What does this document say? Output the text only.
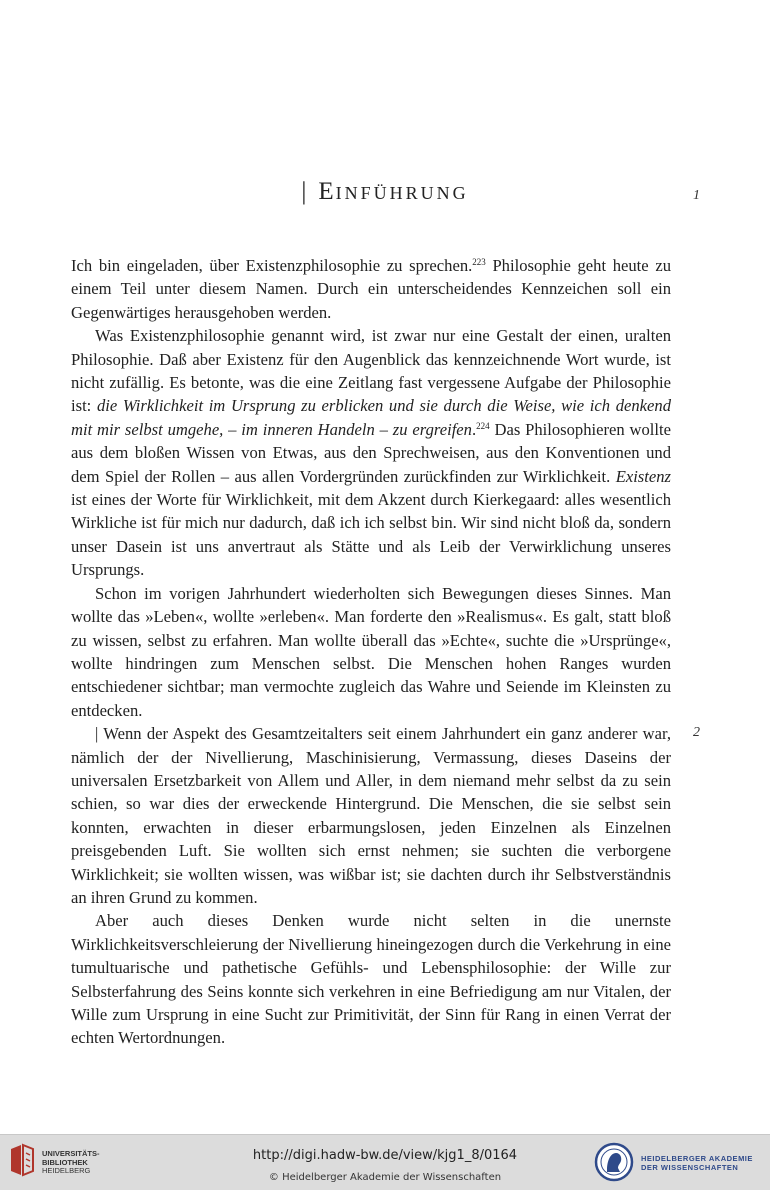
| EINFÜHRUNG	1
2

Ich bin eingeladen, über Existenzphilosophie zu sprechen.$^{223}$ Philosophie geht heute zu einem Teil unter diesem Namen. Durch ein unterscheidendes Kennzeichen soll ein Gegenwärtiges herausgehoben werden.

Was Existenzphilosophie genannt wird, ist zwar nur eine Gestalt der einen, uralten Philosophie. Daß aber Existenz für den Augenblick das kennzeichnende Wort wurde, ist nicht zufällig. Es betonte, was die eine Zeitlang fast vergessene Aufgabe der Philosophie ist: die Wirklichkeit im Ursprung zu erblicken und sie durch die Weise, wie ich denkend mit mir selbst umgehe, – im inneren Handeln – zu ergreifen.$^{224}$ Das Philosophieren wollte aus dem bloßen Wissen von Etwas, aus den Sprechweisen, aus den Konventionen und dem Spiel der Rollen – aus allen Vordergründen zurückfinden zur Wirklichkeit. Existenz ist eines der Worte für Wirklichkeit, mit dem Akzent durch Kierkegaard: alles wesentlich Wirkliche ist für mich nur dadurch, daß ich ich selbst bin. Wir sind nicht bloß da, sondern unser Dasein ist uns anvertraut als Stätte und als Leib der Verwirklichung unseres Ursprungs.

Schon im vorigen Jahrhundert wiederholten sich Bewegungen dieses Sinnes. Man wollte das »Leben«, wollte »erleben«. Man forderte den »Realismus«. Es galt, statt bloß zu wissen, selbst zu erfahren. Man wollte überall das »Echte«, suchte die »Ursprünge«, wollte hindringen zum Menschen selbst. Die Menschen hohen Ranges wurden entschiedener sichtbar; man vermochte zugleich das Wahre und Seiende im Kleinsten zu entdecken.

| Wenn der Aspekt des Gesamtzeitalters seit einem Jahrhundert ein ganz anderer war, nämlich der der Nivellierung, Maschinisierung, Vermassung, dieses Daseins der universalen Ersetzbarkeit von Allem und Aller, in dem niemand mehr selbst da zu sein schien, so war dies der erweckende Hintergrund. Die Menschen, die sie selbst sein konnten, erwachten in dieser erbarmungslosen, jeden Einzelnen als Einzelnen preisgebenden Luft. Sie wollten sich ernst nehmen; sie suchten die verborgene Wirklichkeit; sie wollten wissen, was wißbar ist; sie dachten durch ihr Selbstverständnis an ihren Grund zu kommen.

Aber auch dieses Denken wurde nicht selten in die unernste Wirklichkeitsverschleierung der Nivellierung hineingezogen durch die Verkehrung in eine tumultuarische und pathetische Gefühls- und Lebensphilosophie: der Wille zur Selbsterfahrung des Seins konnte sich verkehren in eine Befriedigung am nur Vitalen, der Wille zum Ursprung in eine Sucht zur Primitivität, der Sinn für Rang in einen Verrat der echten Wertordnungen.

UNIVERSITÄTS-
BIBLIOTHEK
HEIDELBERG
http://digi.hadw-bw.de/view/kjg1_8/0164
© Heidelberger Akademie der Wissenschaften
HEIDELBERGER AKADEMIE
DER WISSENSCHAFTEN
